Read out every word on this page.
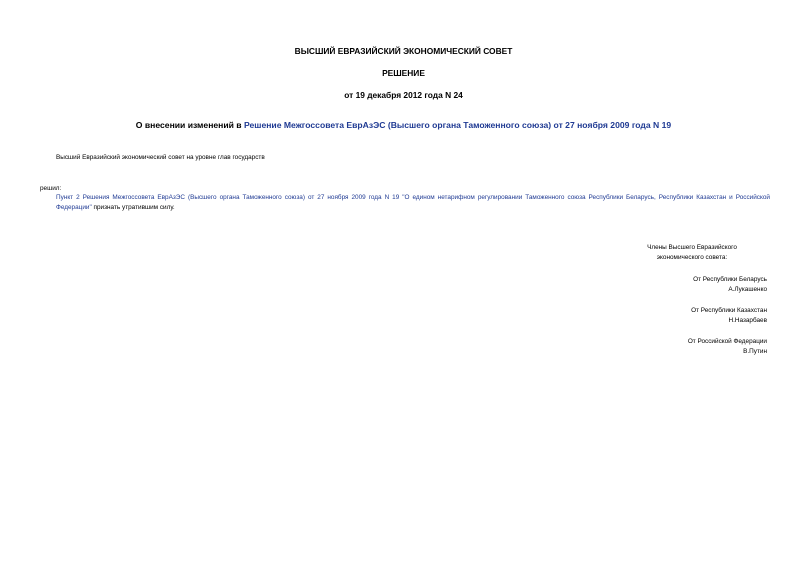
ВЫСШИЙ ЕВРАЗИЙСКИЙ ЭКОНОМИЧЕСКИЙ СОВЕТ
РЕШЕНИЕ
от 19 декабря 2012 года N 24
О внесении изменений в Решение Межгоссовета ЕврАзЭС (Высшего органа Таможенного союза) от 27 ноября 2009 года N 19
Высший Евразийский экономический совет на уровне глав государств
решил:
Пункт 2 Решения Межгоссовета ЕврАзЭС (Высшего органа Таможенного союза) от 27 ноября 2009 года N 19 "О едином нетарифном регулировании Таможенного союза Республики Беларусь, Республики Казахстан и Российской Федерации" признать утратившим силу.
Члены Высшего Евразийского
экономического совета:
От Республики Беларусь
А.Лукашенко
От Республики Казахстан
Н.Назарбаев
От Российской Федерации
В.Путин
